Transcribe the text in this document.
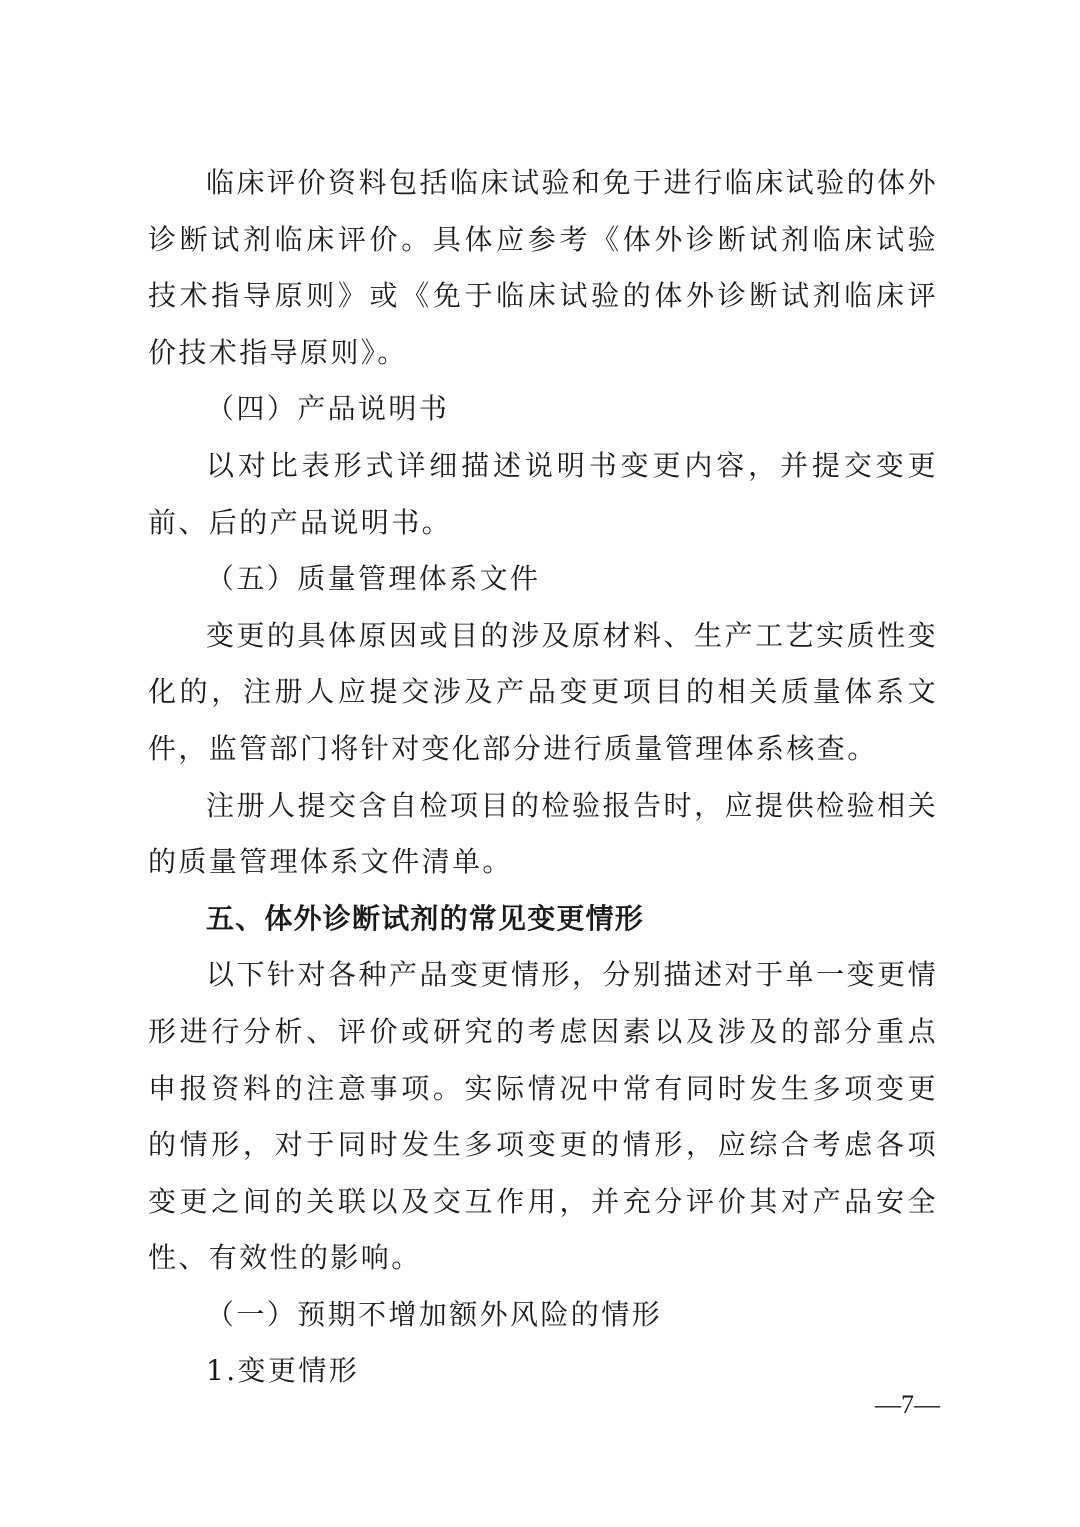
临床评价资料包括临床试验和免于进行临床试验的体外诊断试剂临床评价。具体应参考《体外诊断试剂临床试验技术指导原则》或《免于临床试验的体外诊断试剂临床评价技术指导原则》。

（四）产品说明书

以对比表形式详细描述说明书变更内容，并提交变更前、后的产品说明书。

（五）质量管理体系文件

变更的具体原因或目的涉及原材料、生产工艺实质性变化的，注册人应提交涉及产品变更项目的相关质量体系文件，监管部门将针对变化部分进行质量管理体系核查。

注册人提交含自检项目的检验报告时，应提供检验相关的质量管理体系文件清单。

五、体外诊断试剂的常见变更情形

以下针对各种产品变更情形，分别描述对于单一变更情形进行分析、评价或研究的考虑因素以及涉及的部分重点申报资料的注意事项。实际情况中常有同时发生多项变更的情形，对于同时发生多项变更的情形，应综合考虑各项变更之间的关联以及交互作用，并充分评价其对产品安全性、有效性的影响。

（一）预期不增加额外风险的情形

1.变更情形

—7—
